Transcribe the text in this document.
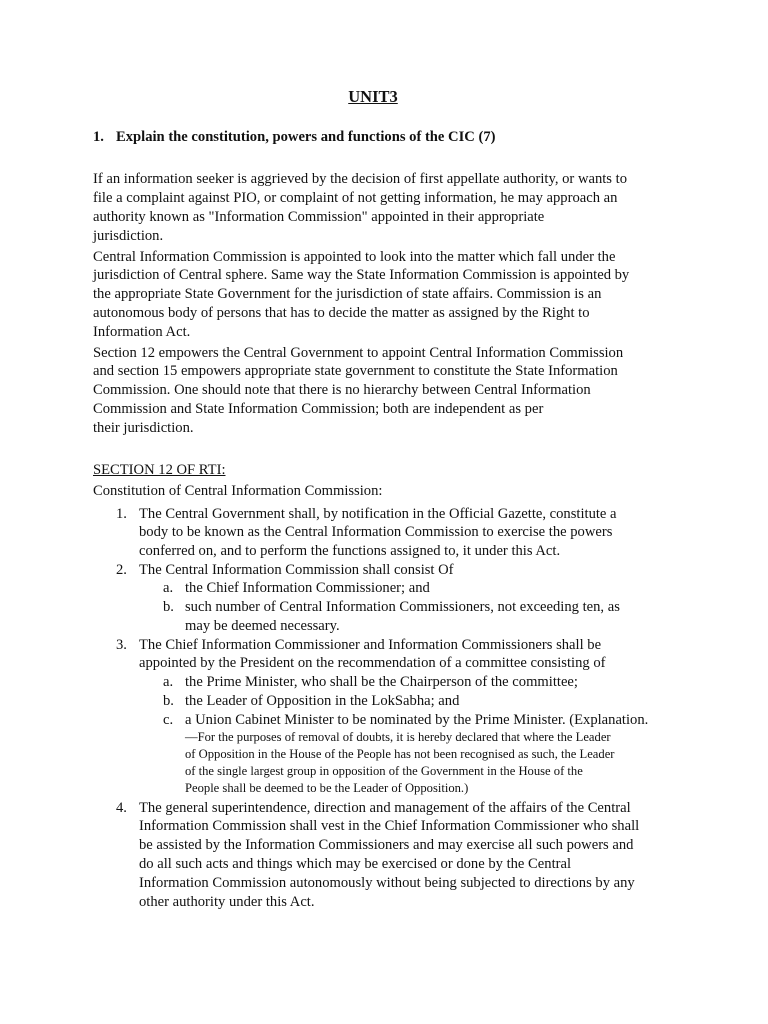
UNIT3
1. Explain the constitution, powers and functions of the CIC (7)
If an information seeker is aggrieved by the decision of first appellate authority, or wants to
file a complaint against PIO, or complaint of not getting information, he may approach an
authority known as "Information Commission" appointed in their appropriate
jurisdiction.
Central Information Commission is appointed to look into the matter which fall under the
jurisdiction of Central sphere. Same way the State Information Commission is appointed by
the appropriate State Government for the jurisdiction of state affairs. Commission is an
autonomous body of persons that has to decide the matter as assigned by the Right to
Information Act.
Section 12 empowers the Central Government to appoint Central Information Commission
and section 15 empowers appropriate state government to constitute the State Information
Commission. One should note that there is no hierarchy between Central Information
Commission and State Information Commission; both are independent as per
their jurisdiction.
SECTION 12 OF RTI:
Constitution of Central Information Commission:
1. The Central Government shall, by notification in the Official Gazette, constitute a
body to be known as the Central Information Commission to exercise the powers
conferred on, and to perform the functions assigned to, it under this Act.
2. The Central Information Commission shall consist Of
a. the Chief Information Commissioner; and
b. such number of Central Information Commissioners, not exceeding ten, as
may be deemed necessary.
3. The Chief Information Commissioner and Information Commissioners shall be
appointed by the President on the recommendation of a committee consisting of
a. the Prime Minister, who shall be the Chairperson of the committee;
b. the Leader of Opposition in the LokSabha; and
c. a Union Cabinet Minister to be nominated by the Prime Minister. (Explanation.
—For the purposes of removal of doubts, it is hereby declared that where the Leader
of Opposition in the House of the People has not been recognised as such, the Leader
of the single largest group in opposition of the Government in the House of the
People shall be deemed to be the Leader of Opposition.)
4. The general superintendence, direction and management of the affairs of the Central
Information Commission shall vest in the Chief Information Commissioner who shall
be assisted by the Information Commissioners and may exercise all such powers and
do all such acts and things which may be exercised or done by the Central
Information Commission autonomously without being subjected to directions by any
other authority under this Act.
